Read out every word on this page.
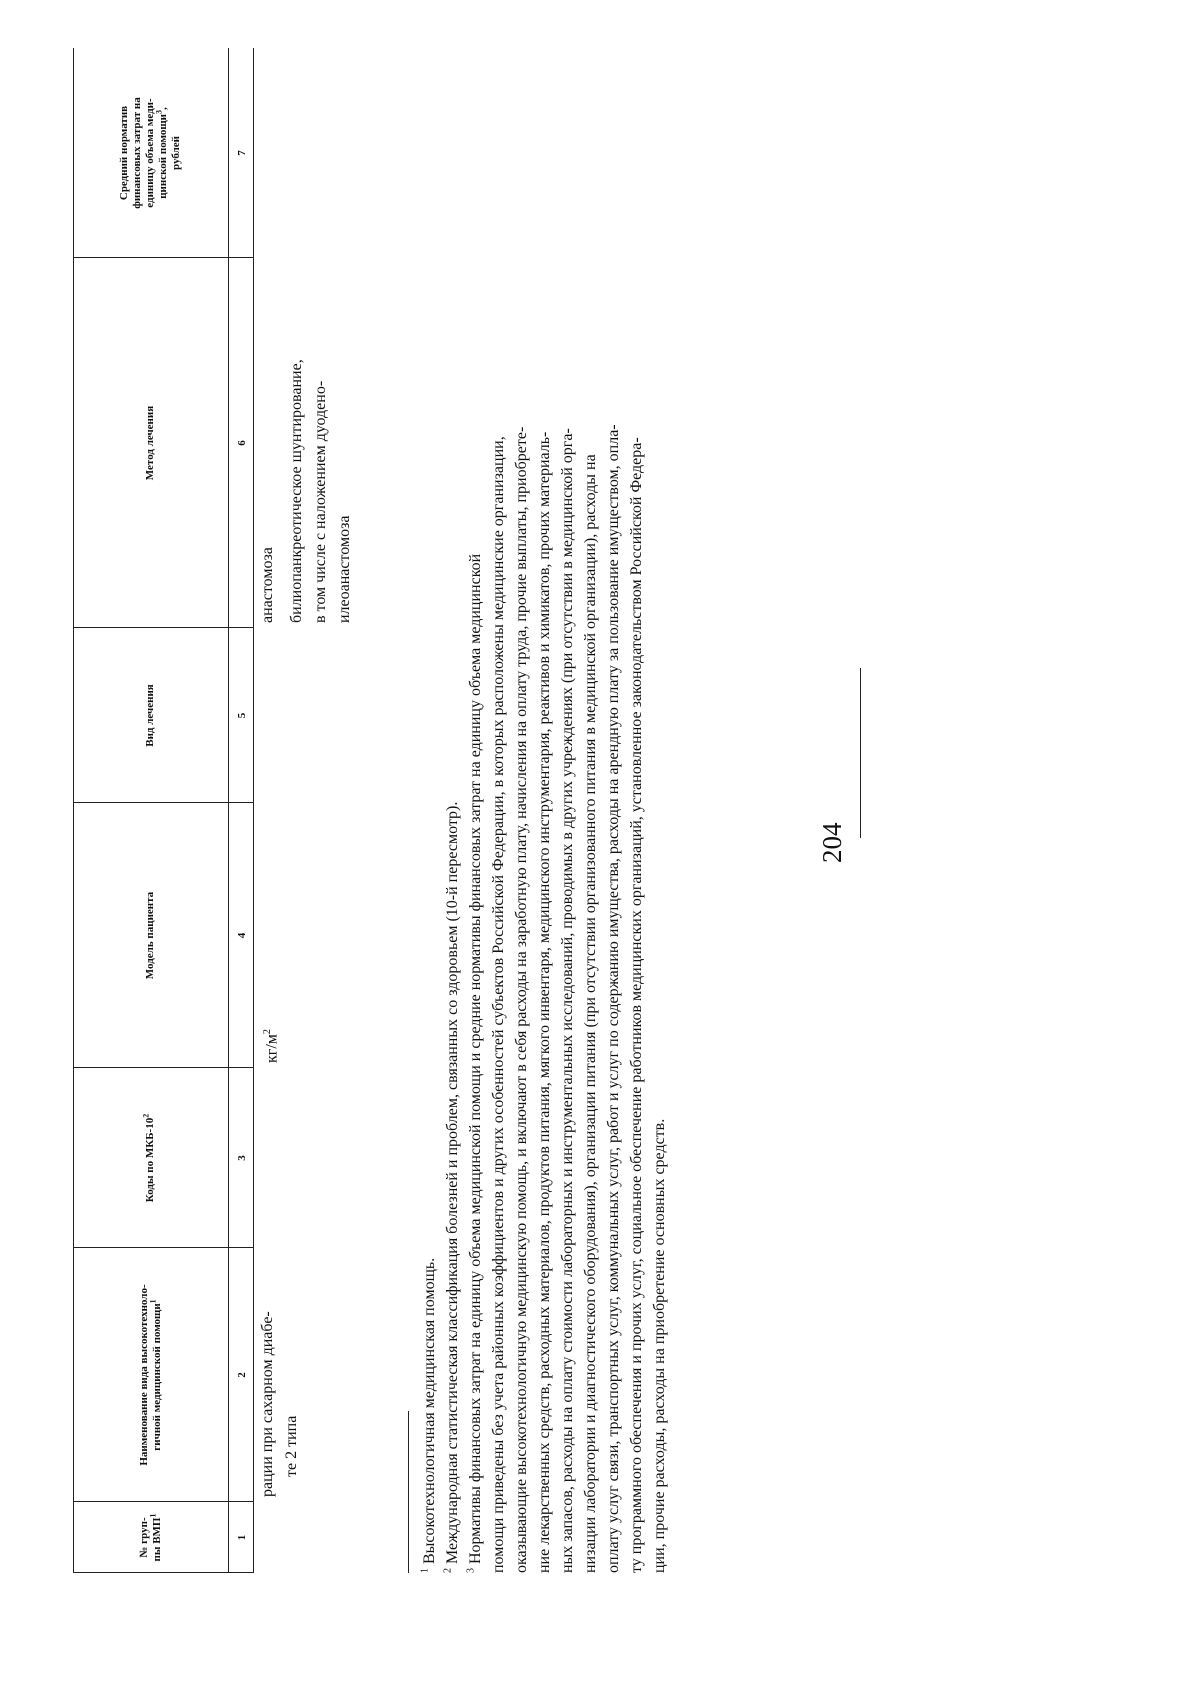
204
№ груп-
пы ВМП$^1$
Наименование вида высокотехноло-
гичной медицинской помощи$^1$
Коды по МКБ-$10^2$
Модель пациента
Вид лечения
Метод лечения
Средний норматив
финансовых затрат на
единицу объема меди-
цинской помощи$^3$,
рублей
1
2
3
4
5
6
7
рации при сахарном диабе- те 2 типа
$кг/м^2$
анастомоза билиопанкреотическое шунтирование, в том числе с наложением дуодено- илеоанастомоза
$^1$ Высокотехнологичная медицинская помощь.
$^2$ Международная статистическая классификация болезней и проблем, связанных со здоровьем (10-й пересмотр).
$^3$ Нормативы финансовых затрат на единицу объема медицинской помощи и средние нормативы финансовых затрат на единицу объема медицинской помощи приведены без учета районных коэффициентов и других особенностей субъектов Российской Федерации, в которых расположены медицинские организации, оказывающие высокотехнологичную медицинскую помощь, и включают в себя расходы на заработную плату, начисления на оплату труда, прочие выплаты, приобрете- ние лекарственных средств, расходных материалов, продуктов питания, мягкого инвентаря, медицинского инструментария, реактивов и химикатов, прочих материаль- ных запасов, расходы на оплату стоимости лабораторных и инструментальных исследований, проводимых в других учреждениях (при отсутствии в медицинской орга- низации лаборатории и диагностического оборудования), организации питания (при отсутствии организованного питания в медицинской организации), расходы на оплату услуг связи, транспортных услуг, коммунальных услуг, работ и услуг по содержанию имущества, расходы на арендную плату за пользование имуществом, опла- ту программного обеспечения и прочих услуг, социальное обеспечение работников медицинских организаций, установленное законодательством Российской Федера- ции, прочие расходы, расходы на приобретение основных средств.
